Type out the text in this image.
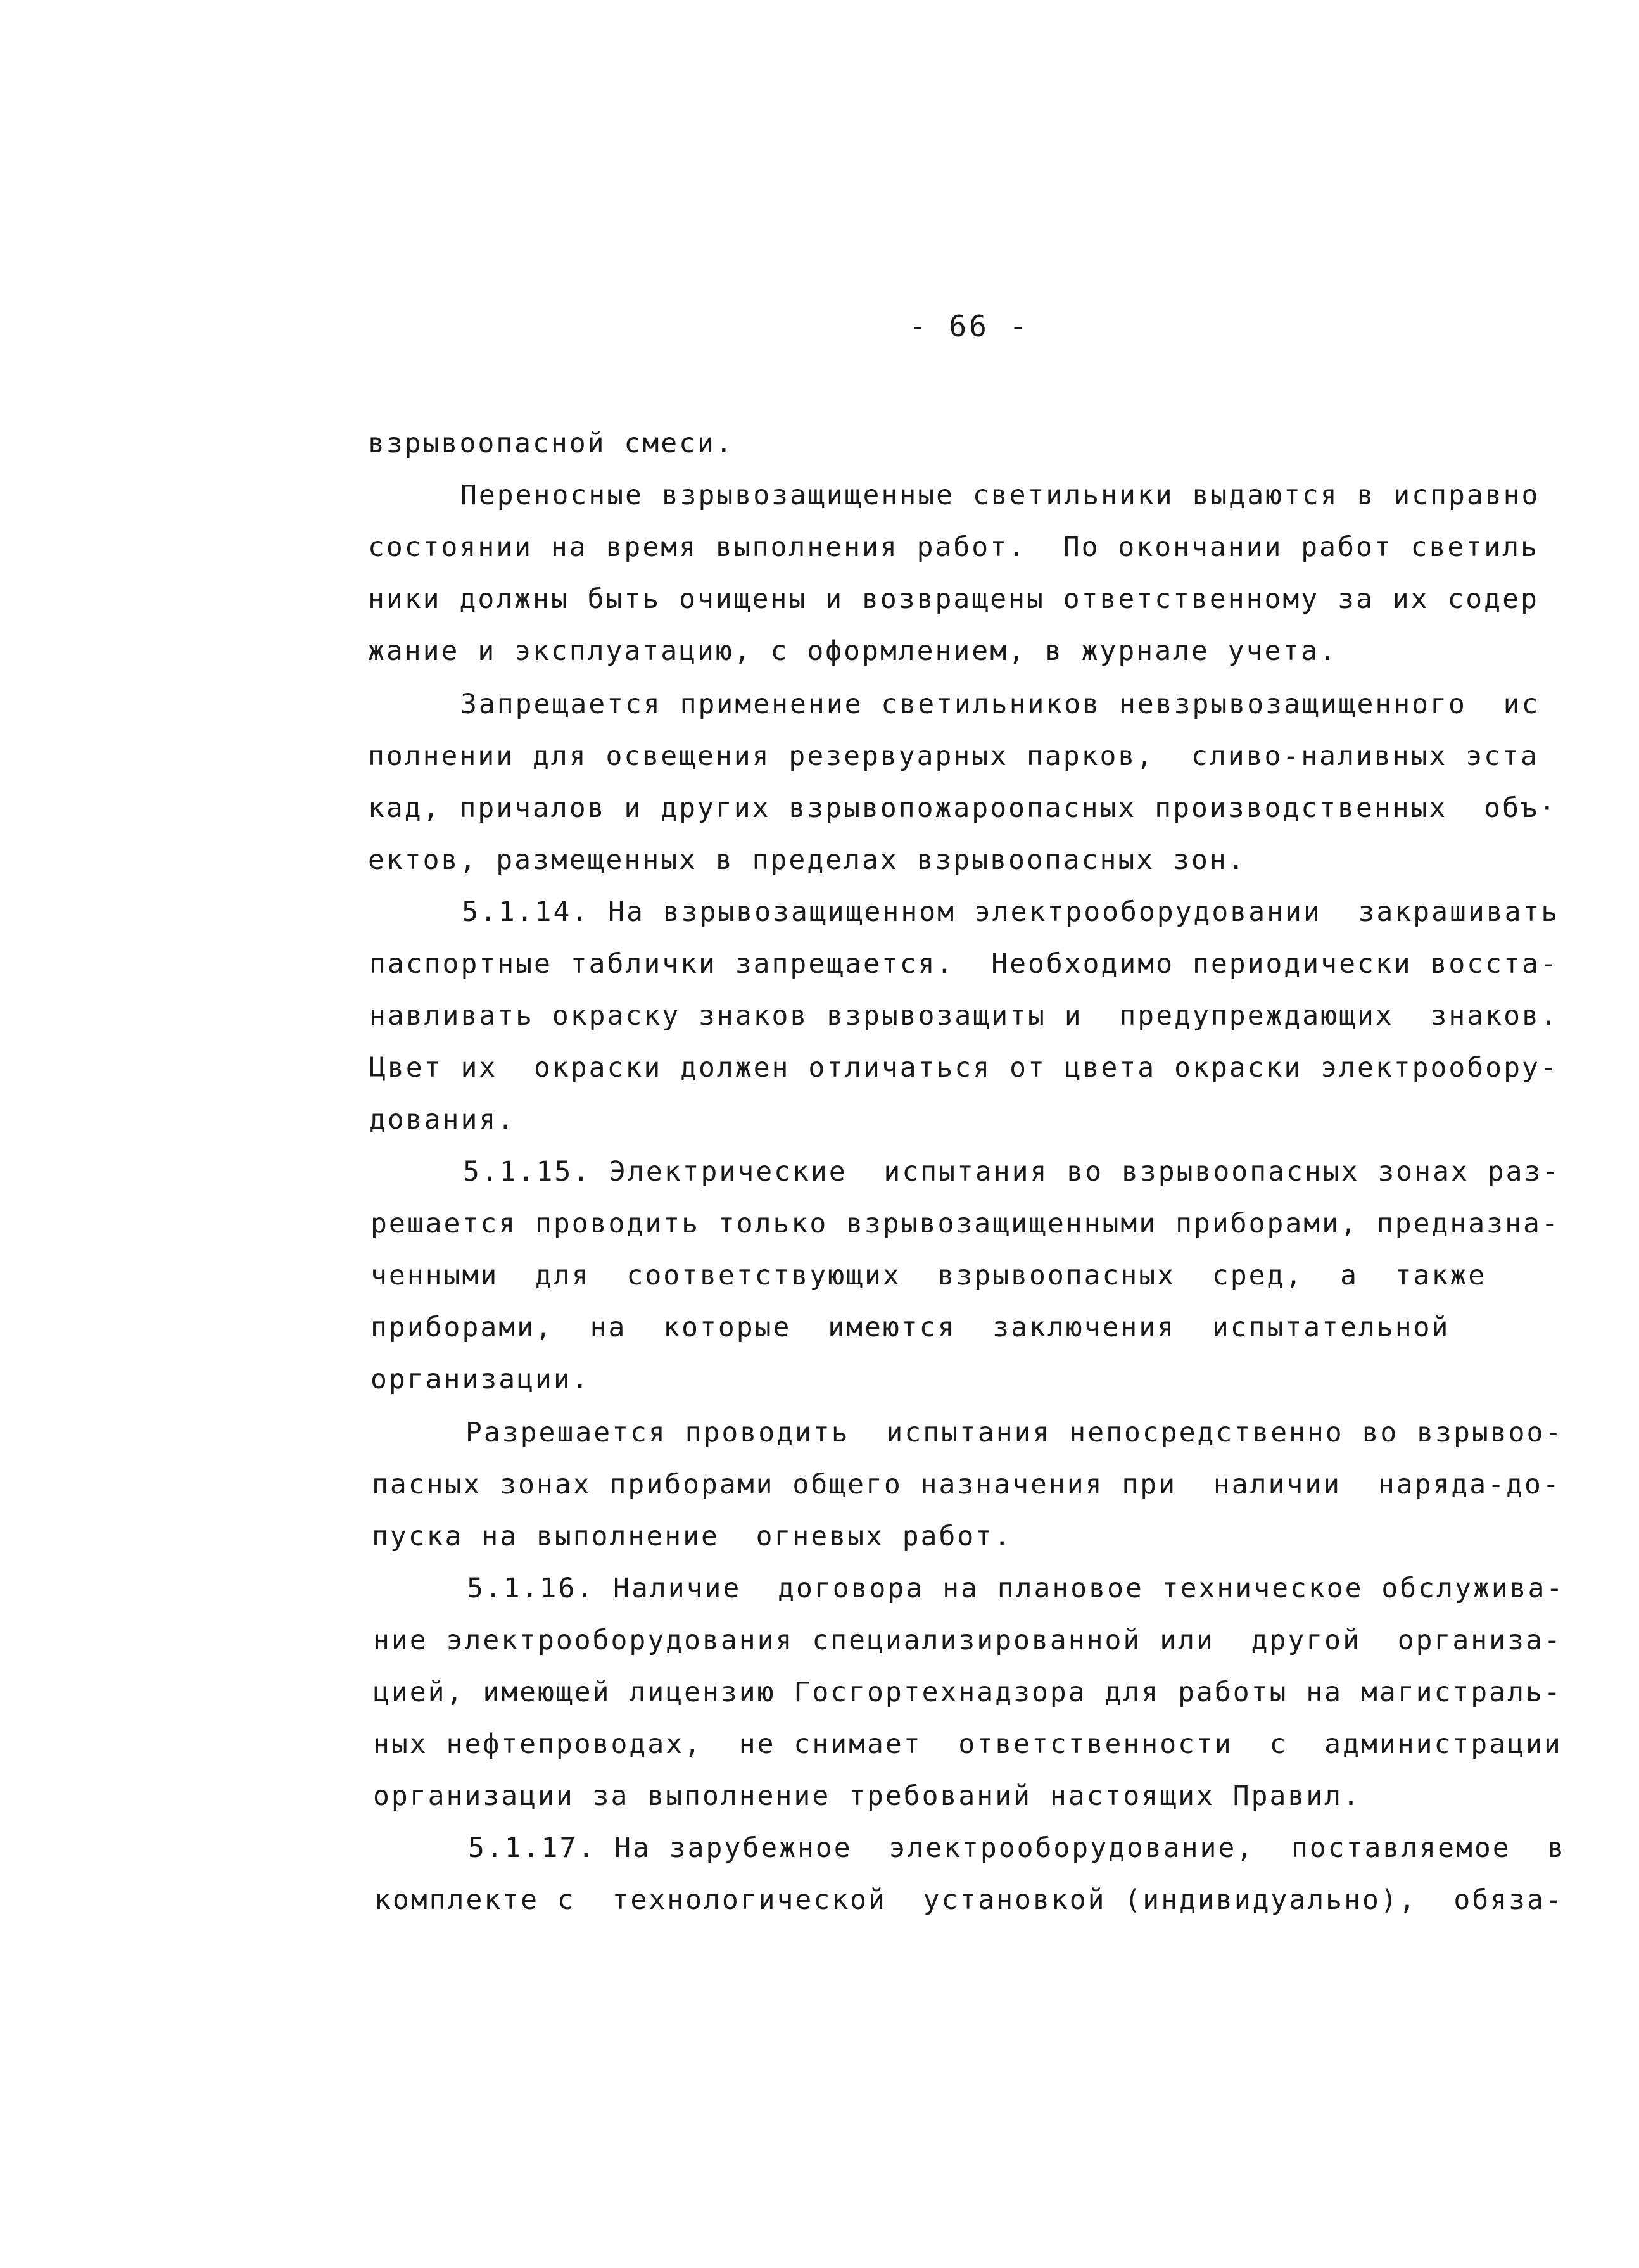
- 66 -
взрывоопасной смеси.
Переносные взрывозащищенные светильники выдаются в исправно
состоянии на время выполнения работ.  По окончании работ светиль
ники должны быть очищены и возвращены ответственному за их содер
жание и эксплуатацию, с оформлением, в журнале учета.
Запрещается применение светильников невзрывозащищенного  ис
полнении для освещения резервуарных парков,  сливо-наливных эста
кад, причалов и других взрывопожароопасных производственных  объ·
ектов, размещенных в пределах взрывоопасных зон.
5.1.14. На взрывозащищенном электрооборудовании  закрашивать
паспортные таблички запрещается.  Необходимо периодически восста-
навливать окраску знаков взрывозащиты и  предупреждающих  знаков.
Цвет их  окраски должен отличаться от цвета окраски электрообору-
дования.
5.1.15. Электрические  испытания во взрывоопасных зонах раз-
решается проводить только взрывозащищенными приборами, предназна-
ченными  для  соответствующих  взрывоопасных  сред,  а  также
приборами,  на  которые  имеются  заключения  испытательной
организации.
Разрешается проводить  испытания непосредственно во взрывоо-
пасных зонах приборами общего назначения при  наличии  наряда-до-
пуска на выполнение  огневых работ.
5.1.16. Наличие  договора на плановое техническое обслужива-
ние электрооборудования специализированной или  другой  организа-
цией, имеющей лицензию Госгортехнадзора для работы на магистраль-
ных нефтепроводах,  не снимает  ответственности  с  администрации
организации за выполнение требований настоящих Правил.
5.1.17. На зарубежное  электрооборудование,  поставляемое  в
комплекте с  технологической  установкой (индивидуально),  обяза-
